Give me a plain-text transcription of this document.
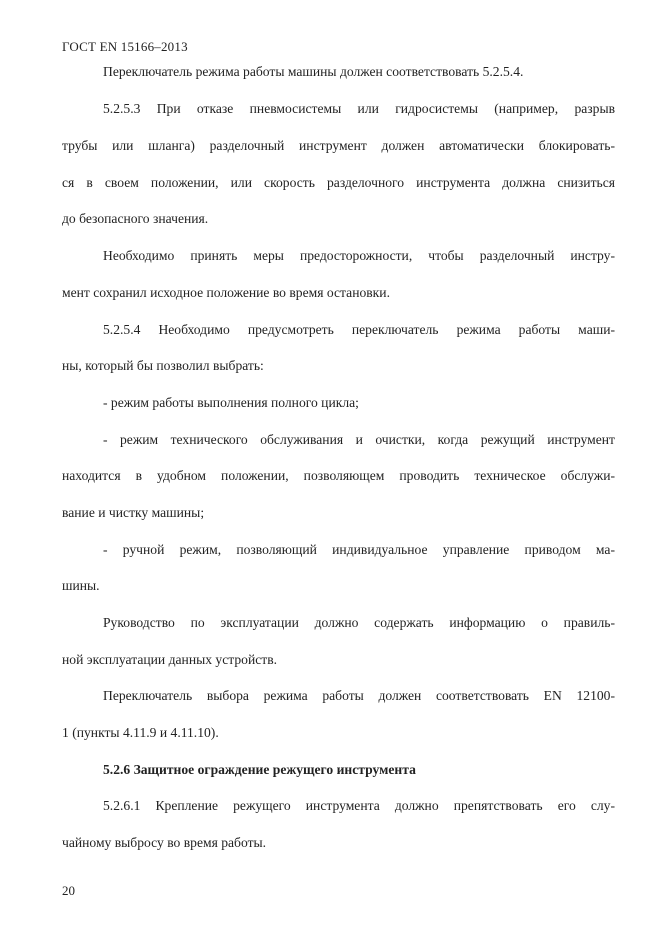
ГОСТ EN 15166–2013
Переключатель режима работы машины должен соответствовать 5.2.5.4.
5.2.5.3 При отказе пневмосистемы или гидросистемы (например, разрыв
трубы или шланга) разделочный инструмент должен автоматически блокировать-
ся в своем положении, или скорость разделочного инструмента должна снизиться
до безопасного значения.
Необходимо принять меры предосторожности, чтобы разделочный инстру-
мент сохранил исходное положение во время остановки.
5.2.5.4 Необходимо предусмотреть переключатель режима работы маши-
ны, который бы позволил выбрать:
- режим работы выполнения полного цикла;
- режим технического обслуживания и очистки, когда режущий инструмент
находится в удобном положении, позволяющем проводить техническое обслужи-
вание и чистку машины;
- ручной режим, позволяющий индивидуальное управление приводом ма-
шины.
Руководство по эксплуатации должно содержать информацию о правиль-
ной эксплуатации данных устройств.
Переключатель выбора режима работы должен соответствовать EN 12100-
1 (пункты 4.11.9 и 4.11.10).
5.2.6 Защитное ограждение режущего инструмента
5.2.6.1 Крепление режущего инструмента должно препятствовать его слу-
чайному выбросу во время работы.
20
